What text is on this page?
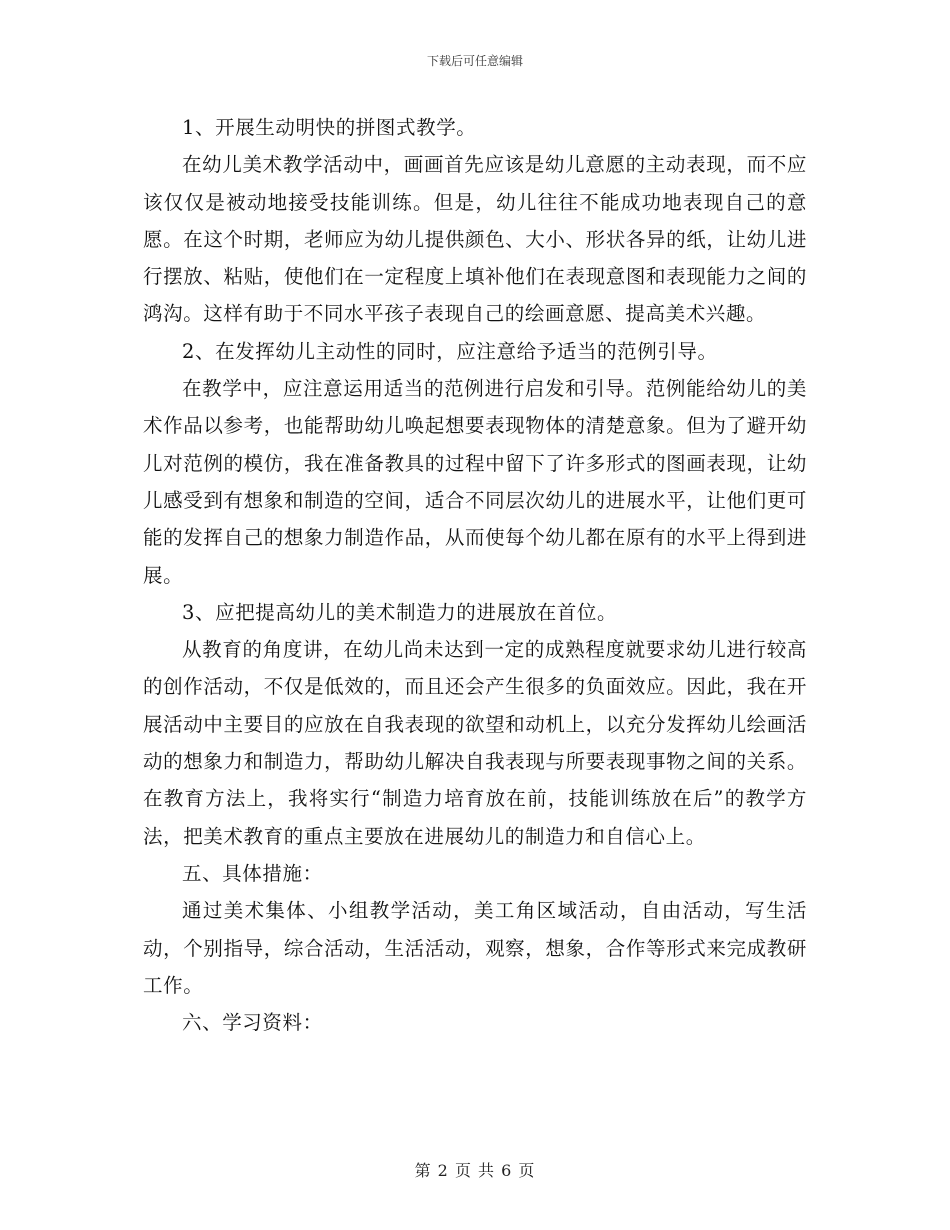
下载后可任意编辑

1、开展生动明快的拼图式教学。

在幼儿美术教学活动中，画画首先应该是幼儿意愿的主动表现，而不应该仅仅是被动地接受技能训练。但是，幼儿往往不能成功地表现自己的意愿。在这个时期，老师应为幼儿提供颜色、大小、形状各异的纸，让幼儿进行摆放、粘贴，使他们在一定程度上填补他们在表现意图和表现能力之间的鸿沟。这样有助于不同水平孩子表现自己的绘画意愿、提高美术兴趣。

2、在发挥幼儿主动性的同时，应注意给予适当的范例引导。

在教学中，应注意运用适当的范例进行启发和引导。范例能给幼儿的美术作品以参考，也能帮助幼儿唤起想要表现物体的清楚意象。但为了避开幼儿对范例的模仿，我在准备教具的过程中留下了许多形式的图画表现，让幼儿感受到有想象和制造的空间，适合不同层次幼儿的进展水平，让他们更可能的发挥自己的想象力制造作品，从而使每个幼儿都在原有的水平上得到进展。

3、应把提高幼儿的美术制造力的进展放在首位。

从教育的角度讲，在幼儿尚未达到一定的成熟程度就要求幼儿进行较高的创作活动，不仅是低效的，而且还会产生很多的负面效应。因此，我在开展活动中主要目的应放在自我表现的欲望和动机上，以充分发挥幼儿绘画活动的想象力和制造力，帮助幼儿解决自我表现与所要表现事物之间的关系。在教育方法上，我将实行“制造力培育放在前，技能训练放在后”的教学方法，把美术教育的重点主要放在进展幼儿的制造力和自信心上。

五、具体措施：

通过美术集体、小组教学活动，美工角区域活动，自由活动，写生活动，个别指导，综合活动，生活活动，观察，想象，合作等形式来完成教研工作。

六、学习资料：

第 2 页 共 6 页
